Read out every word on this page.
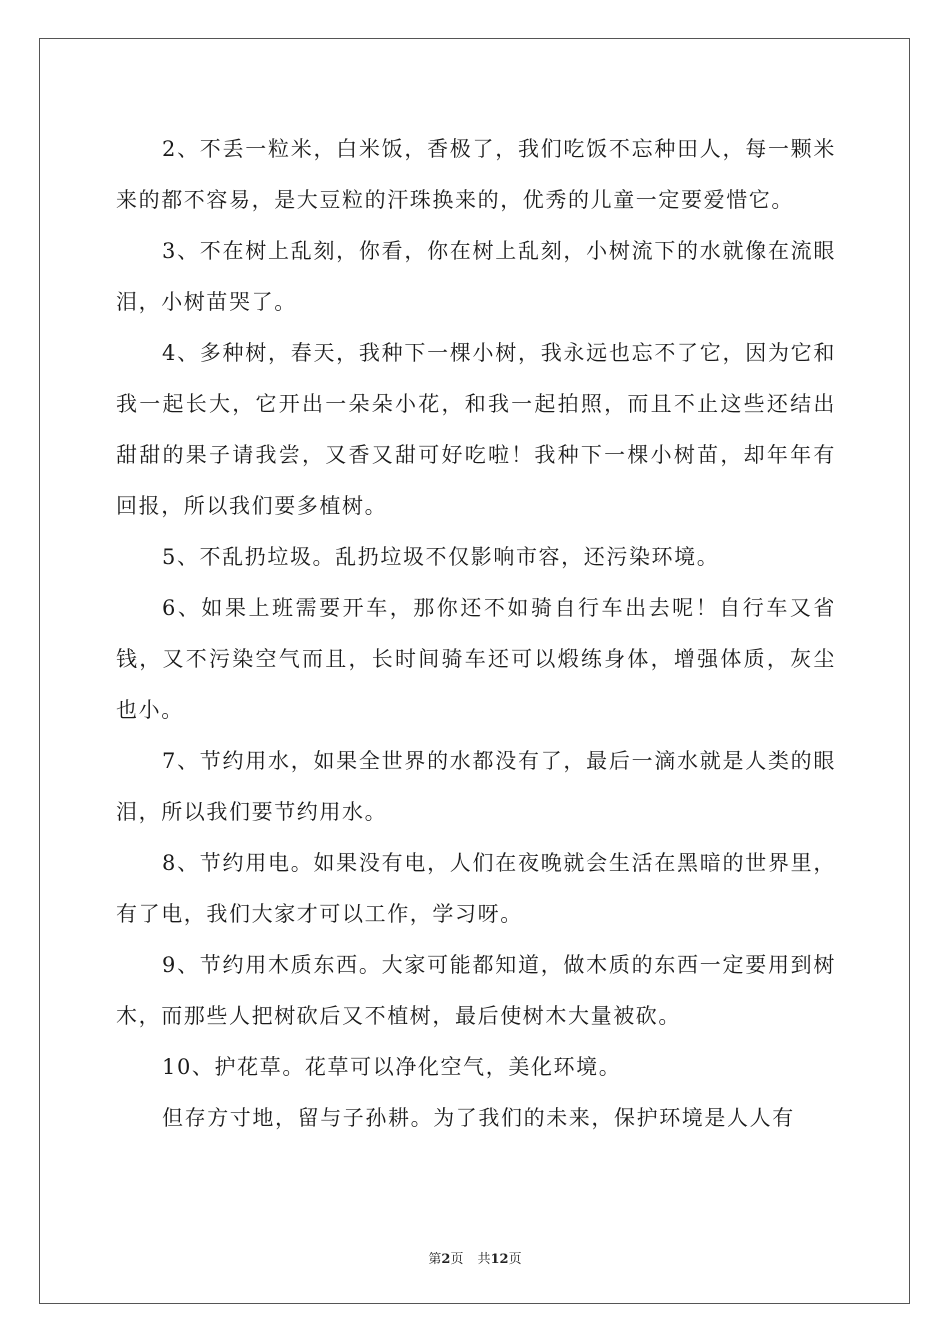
2、不丢一粒米，白米饭，香极了，我们吃饭不忘种田人，每一颗米来的都不容易，是大豆粒的汗珠换来的，优秀的儿童一定要爱惜它。

3、不在树上乱刻，你看，你在树上乱刻，小树流下的水就像在流眼泪，小树苗哭了。

4、多种树，春天，我种下一棵小树，我永远也忘不了它，因为它和我一起长大，它开出一朵朵小花，和我一起拍照，而且不止这些还结出甜甜的果子请我尝，又香又甜可好吃啦！我种下一棵小树苗，却年年有回报，所以我们要多植树。

5、不乱扔垃圾。乱扔垃圾不仅影响市容，还污染环境。

6、如果上班需要开车，那你还不如骑自行车出去呢！自行车又省钱，又不污染空气而且，长时间骑车还可以煅练身体，增强体质，灰尘也小。

7、节约用水，如果全世界的水都没有了，最后一滴水就是人类的眼泪，所以我们要节约用水。

8、节约用电。如果没有电，人们在夜晚就会生活在黑暗的世界里，有了电，我们大家才可以工作，学习呀。

9、节约用木质东西。大家可能都知道，做木质的东西一定要用到树木，而那些人把树砍后又不植树，最后使树木大量被砍。

10、护花草。花草可以净化空气，美化环境。

但存方寸地，留与子孙耕。为了我们的未来，保护环境是人人有

第2页 共12页
